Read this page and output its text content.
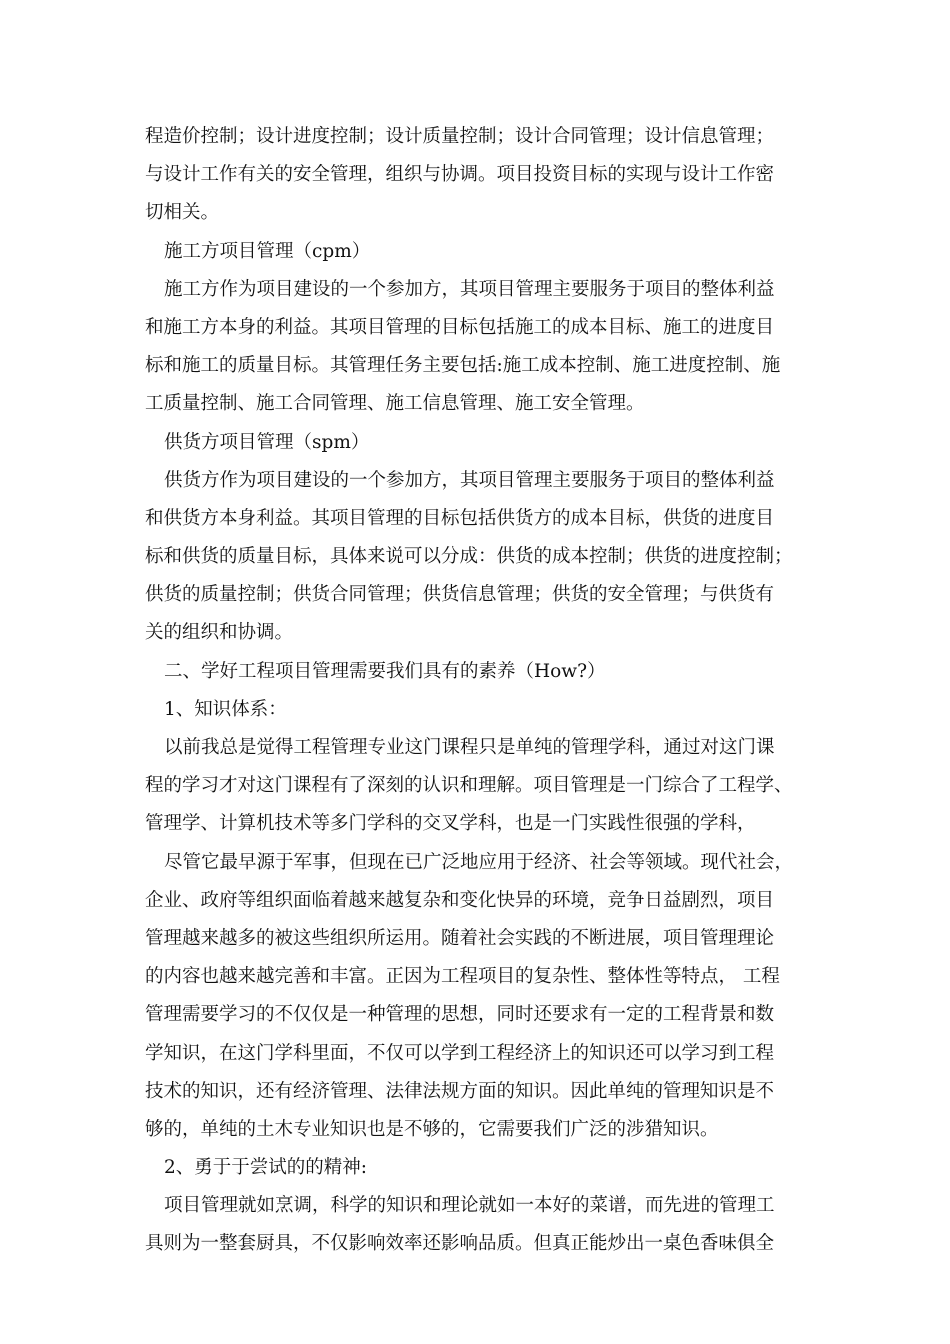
程造价控制；设计进度控制；设计质量控制；设计合同管理；设计信息管理；
与设计工作有关的安全管理，组织与协调。项目投资目标的实现与设计工作密
切相关。
施工方项目管理（cpm）
施工方作为项目建设的一个参加方，其项目管理主要服务于项目的整体利益
和施工方本身的利益。其项目管理的目标包括施工的成本目标、施工的进度目
标和施工的质量目标。其管理任务主要包括:施工成本控制、施工进度控制、施
工质量控制、施工合同管理、施工信息管理、施工安全管理。
供货方项目管理（spm）
供货方作为项目建设的一个参加方，其项目管理主要服务于项目的整体利益
和供货方本身利益。其项目管理的目标包括供货方的成本目标，供货的进度目
标和供货的质量目标，具体来说可以分成：供货的成本控制；供货的进度控制；
供货的质量控制；供货合同管理；供货信息管理；供货的安全管理；与供货有
关的组织和协调。
二、学好工程项目管理需要我们具有的素养（How?）
1、知识体系：
以前我总是觉得工程管理专业这门课程只是单纯的管理学科，通过对这门课
程的学习才对这门课程有了深刻的认识和理解。项目管理是一门综合了工程学、
管理学、计算机技术等多门学科的交叉学科，也是一门实践性很强的学科，
尽管它最早源于军事，但现在已广泛地应用于经济、社会等领域。现代社会，
企业、政府等组织面临着越来越复杂和变化快异的环境，竞争日益剧烈，项目
管理越来越多的被这些组织所运用。随着社会实践的不断进展，项目管理理论
的内容也越来越完善和丰富。正因为工程项目的复杂性、整体性等特点， 工程
管理需要学习的不仅仅是一种管理的思想，同时还要求有一定的工程背景和数
学知识，在这门学科里面，不仅可以学到工程经济上的知识还可以学习到工程
技术的知识，还有经济管理、法律法规方面的知识。因此单纯的管理知识是不
够的，单纯的土木专业知识也是不够的，它需要我们广泛的涉猎知识。
2、勇于于尝试的的精神:
项目管理就如烹调，科学的知识和理论就如一本好的菜谱，而先进的管理工
具则为一整套厨具，不仅影响效率还影响品质。但真正能炒出一桌色香味俱全
